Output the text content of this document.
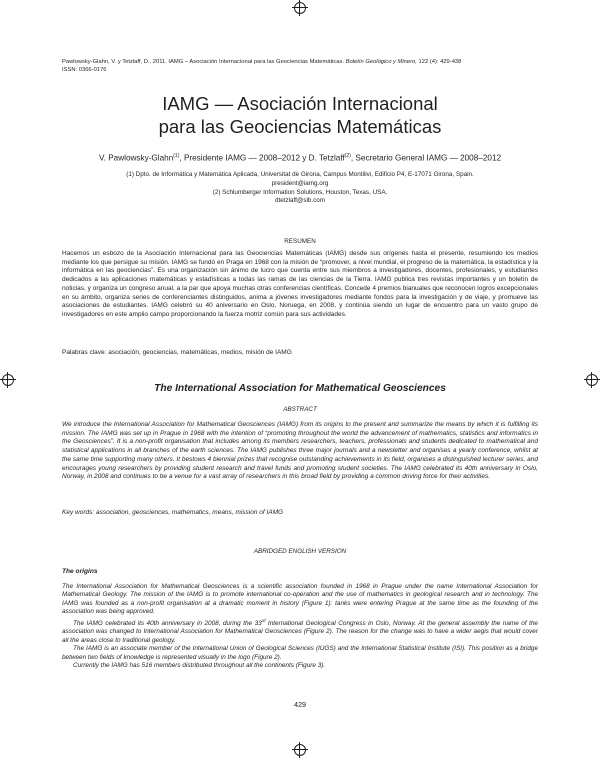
Pawlowsky-Glahn, V. y Tetzlaff, D., 2011. IAMG – Asociación Internacional para las Geociencias Matemáticas. Boletín Geológico y Minero, 122 (4): 429-438
ISSN: 0366-0176
IAMG — Asociación Internacional
para las Geociencias Matemáticas
V. Pawlowsky-Glahn$^{(1)}$, Presidente IAMG — 2008–2012 y D. Tetzlaff$^{(2)}$, Secretario General IAMG — 2008–2012
(1) Dpto. de Informática y Matemática Aplicada, Universitat de Girona, Campus Montilivi, Edificio P4, E-17071 Girona, Spain.
president@iamg.org
(2) Schlumberger Information Solutions, Houston, Texas, USA.
dtetzlaff@slb.com
RESUMEN

Hacemos un esbozo de la Asociación Internacional para las Geociencias Matemáticas (IAMG) desde sus orígenes hasta el presente, resumiendo los medios mediante los que persigue su misión. IAMG se fundó en Praga en 1968 con la misión de “promover, a nivel mundial, el progreso de la matemática, la estadística y la informática en las geociencias”. Es una organización sin ánimo de lucro que cuenta entre sus miembros a investigadores, docentes, profesionales, y estudiantes dedicados a las aplicaciones matemáticas y estadísticas a todas las ramas de las ciencias de la Tierra. IAMG publica tres revistas importantes y un boletín de noticias, y organiza un congreso anual, a la par que apoya muchas otras conferencias científicas. Concede 4 premios bianuales que reconocen logros excepcionales en su ámbito, organiza series de conferenciantes distinguidos, anima a jóvenes investigadores mediante fondos para la investigación y de viaje, y promueve las asociaciones de estudiantes. IAMG celebró su 40 aniversario en Oslo, Noruega, en 2008, y continúa siendo un lugar de encuentro para un vasto grupo de investigadores en este amplio campo proporcionando la fuerza motriz común para sus actividades.

Palabras clave: asociación, geociencias, matemáticas, medios, misión de IAMG

The International Association for Mathematical Geosciences
ABSTRACT

We introduce the International Association for Mathematical Geosciences (IAMG) from its origins to the present and summarize the means by which it is fulfilling its mission. The IAMG was set up in Prague in 1968 with the intention of “promoting throughout the world the advancement of mathematics, statistics and informatics in the Geosciences”. It is a non-profit organisation that includes among its members researchers, teachers, professionals and students dedicated to mathematical and statistical applications in all branches of the earth sciences. The IAMG publishes three major journals and a newsletter and organises a yearly conference, whilst at the same time supporting many others. It bestows 4 biennial prizes that recognise outstanding achievements in its field, organises a distinguished lecturer series, and encourages young researchers by providing student research and travel funds and promoting student societies. The IAMG celebrated its 40th anniversary in Oslo, Norway, in 2008 and continues to be a venue for a vast array of researchers in this broad field by providing a common driving force for their activities.

Key words: association, geosciences, mathematics, means, mission of IAMG

ABRIDGED ENGLISH VERSION
The origins

The International Association for Mathematical Geosciences is a scientific association founded in 1968 in Prague under the name International Association for Mathematical Geology. The mission of the IAMG is to promote international co-operation and the use of mathematics in geological research and in technology. The IAMG was founded as a non-profit organisation at a dramatic moment in history (Figure 1): tanks were entering Prague at the same time as the founding of the association was being approved.

The IAMG celebrated its 40th anniversary in 2008, during the 33rd International Geological Congress in Oslo, Norway. At the general assembly the name of the association was changed to International Association for Mathematical Geosciences (Figure 2). The reason for the change was to have a wider aegis that would cover all the areas close to traditional geology.

The IAMG is an associate member of the International Union of Geological Sciences (IUGS) and the International Statistical Institute (ISI). This position as a bridge between two fields of knowledge is represented visually in the logo (Figure 2).

Currently the IAMG has 516 members distributed throughout all the continents (Figure 3).

429
